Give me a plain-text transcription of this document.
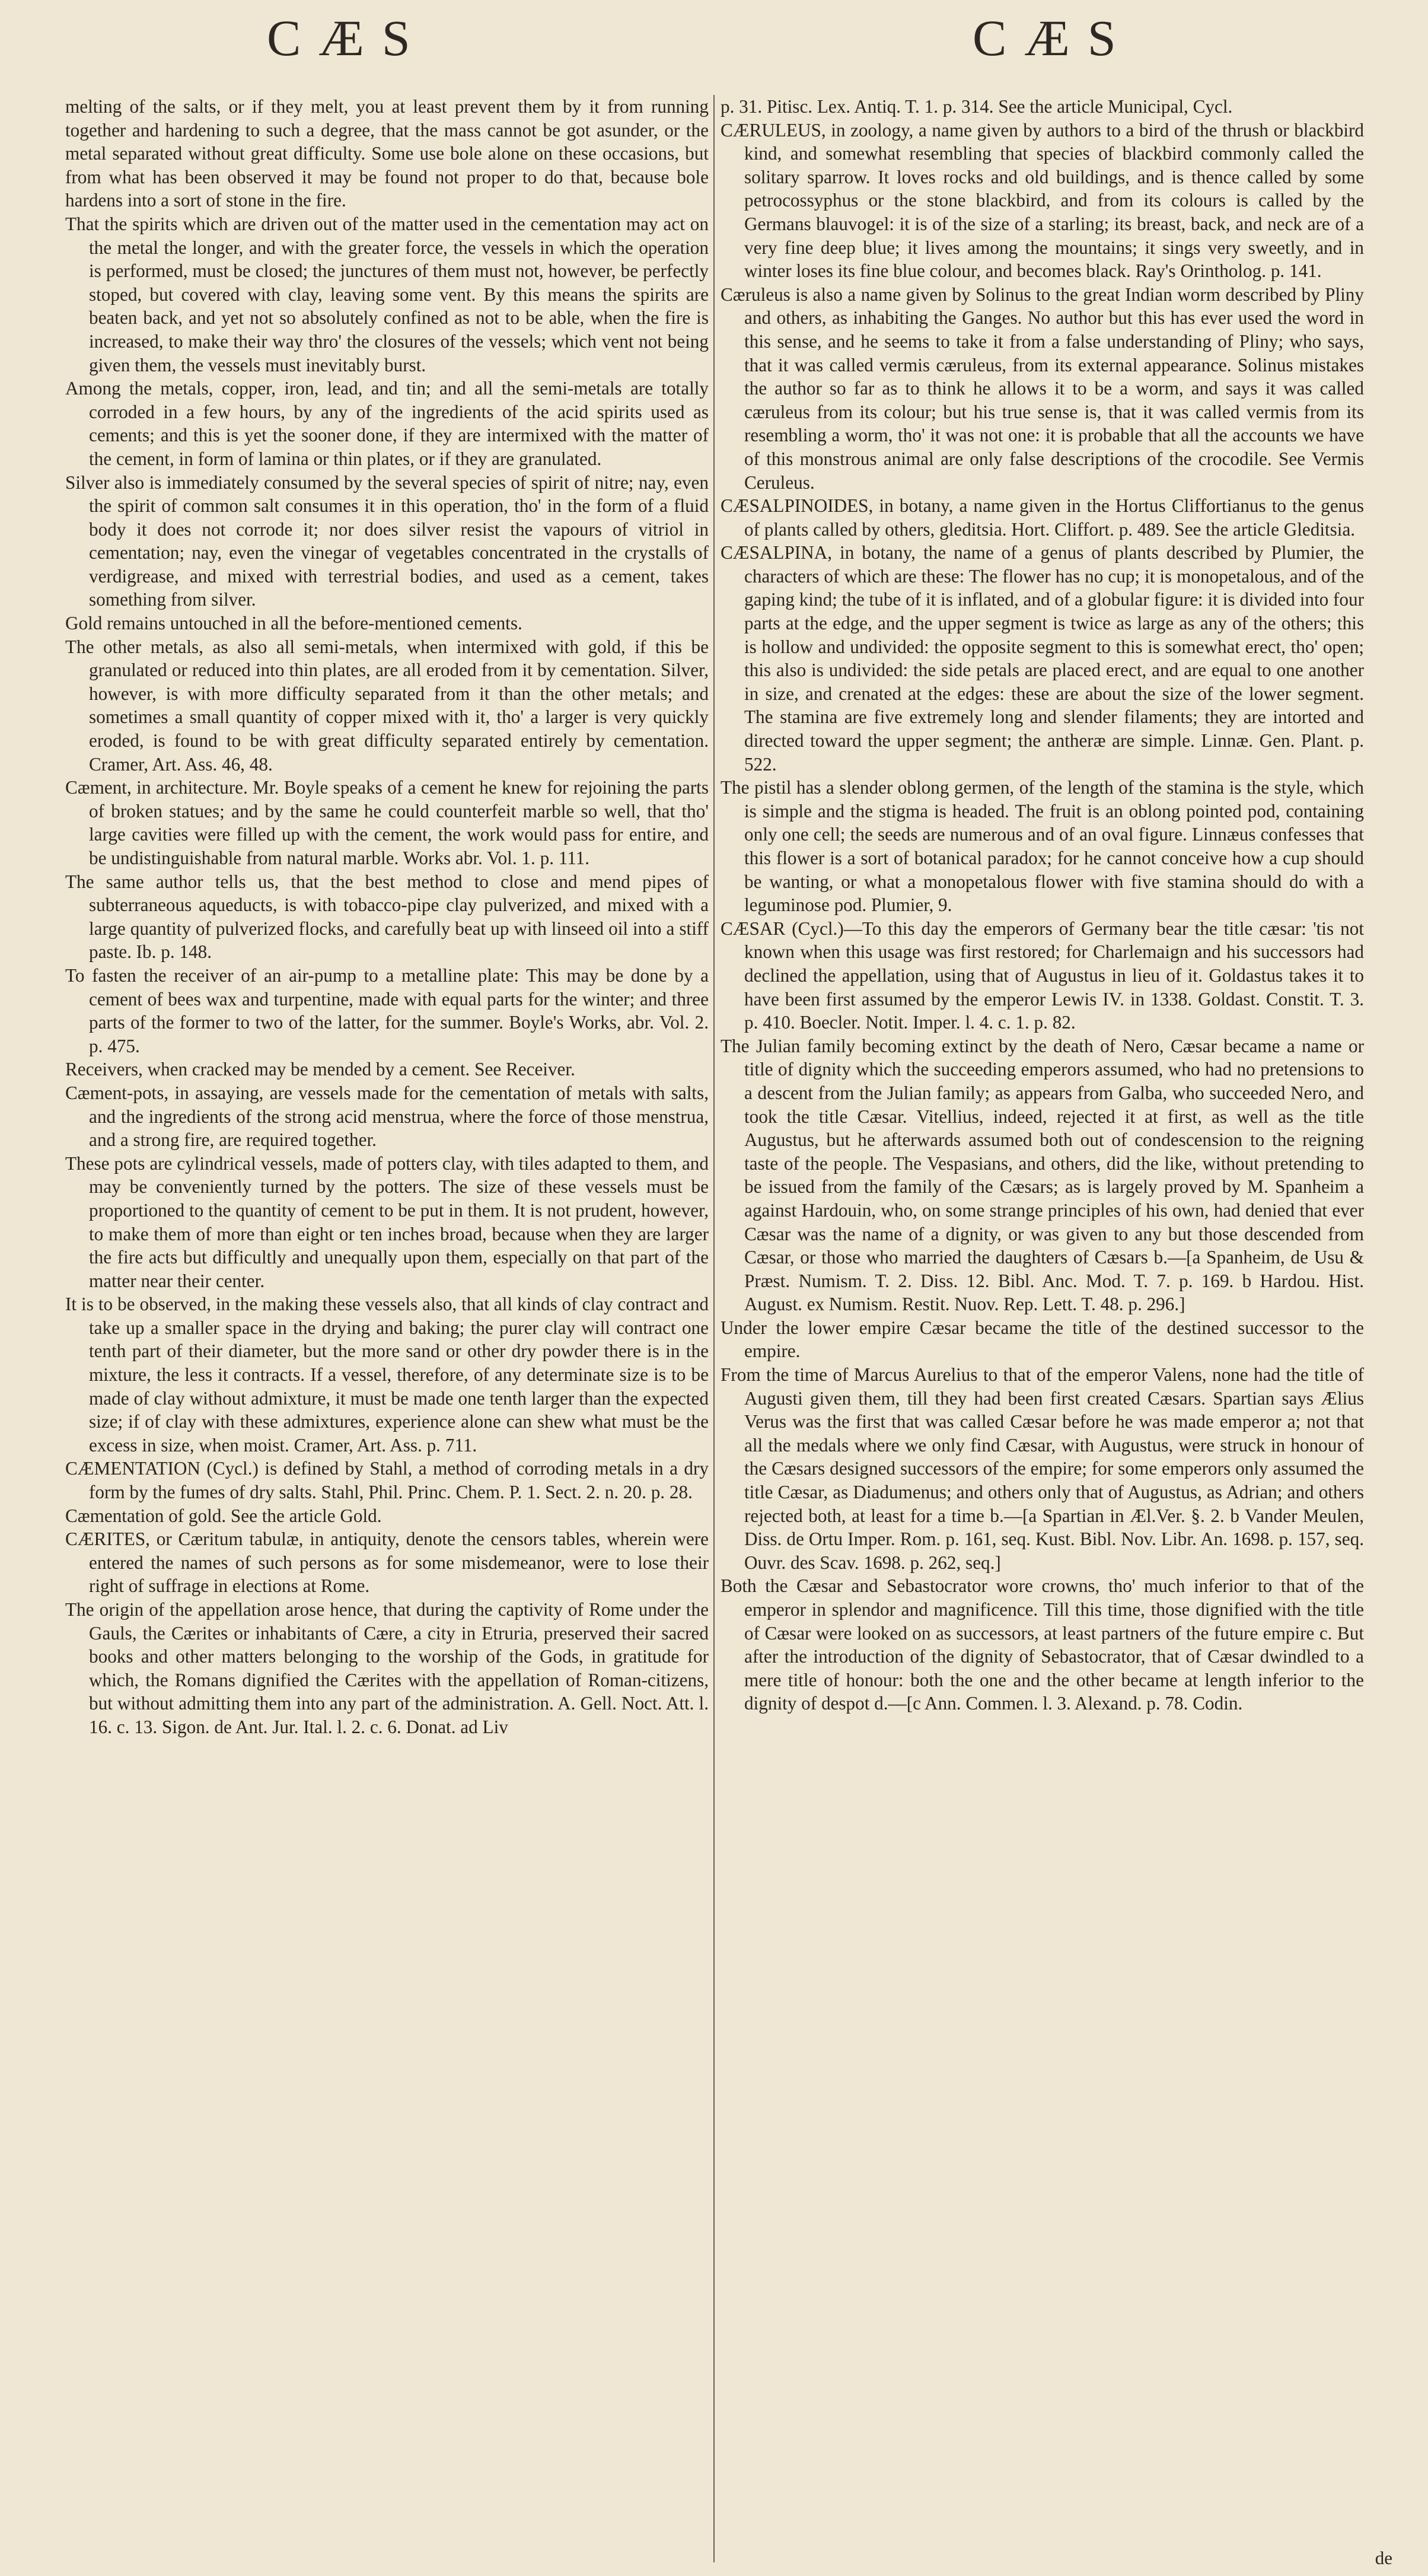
CÆS	CÆS

melting of the salts, or if they melt, you at least prevent them by it from running together and hardening to such a degree, that the mass cannot be got asunder, or the metal separated without great difficulty. Some use bole alone on these occasions, but from what has been observed it may be found not proper to do that, because bole hardens into a sort of stone in the fire.

That the spirits which are driven out of the matter used in the cementation may act on the metal the longer, and with the greater force, the vessels in which the operation is performed, must be closed; the junctures of them must not, however, be perfectly stoped, but covered with clay, leaving some vent. By this means the spirits are beaten back, and yet not so absolutely confined as not to be able, when the fire is increased, to make their way thro' the closures of the vessels; which vent not being given them, the vessels must inevitably burst.

Among the metals, copper, iron, lead, and tin; and all the semi-metals are totally corroded in a few hours, by any of the ingredients of the acid spirits used as cements; and this is yet the sooner done, if they are intermixed with the matter of the cement, in form of lamina or thin plates, or if they are granulated.

Silver also is immediately consumed by the several species of spirit of nitre; nay, even the spirit of common salt consumes it in this operation, tho' in the form of a fluid body it does not corrode it; nor does silver resist the vapours of vitriol in cementation; nay, even the vinegar of vegetables concentrated in the crystalls of verdigrease, and mixed with terrestrial bodies, and used as a cement, takes something from silver.

Gold remains untouched in all the before-mentioned cements.

The other metals, as also all semi-metals, when intermixed with gold, if this be granulated or reduced into thin plates, are all eroded from it by cementation. Silver, however, is with more difficulty separated from it than the other metals; and sometimes a small quantity of copper mixed with it, tho' a larger is very quickly eroded, is found to be with great difficulty separated entirely by cementation. Cramer, Art. Ass. 46, 48.

Cæment, in architecture. Mr. Boyle speaks of a cement he knew for rejoining the parts of broken statues; and by the same he could counterfeit marble so well, that tho' large cavities were filled up with the cement, the work would pass for entire, and be undistinguishable from natural marble. Works abr. Vol. 1. p. 111.

The same author tells us, that the best method to close and mend pipes of subterraneous aqueducts, is with tobacco-pipe clay pulverized, and mixed with a large quantity of pulverized flocks, and carefully beat up with linseed oil into a stiff paste. Ib. p. 148.

To fasten the receiver of an air-pump to a metalline plate: This may be done by a cement of bees wax and turpentine, made with equal parts for the winter; and three parts of the former to two of the latter, for the summer. Boyle's Works, abr. Vol. 2. p. 475.

Receivers, when cracked may be mended by a cement. See Receiver.

Cæment-pots, in assaying, are vessels made for the cementation of metals with salts, and the ingredients of the strong acid menstrua, where the force of those menstrua, and a strong fire, are required together.

These pots are cylindrical vessels, made of potters clay, with tiles adapted to them, and may be conveniently turned by the potters. The size of these vessels must be proportioned to the quantity of cement to be put in them. It is not prudent, however, to make them of more than eight or ten inches broad, because when they are larger the fire acts but difficultly and unequally upon them, especially on that part of the matter near their center.

It is to be observed, in the making these vessels also, that all kinds of clay contract and take up a smaller space in the drying and baking; the purer clay will contract one tenth part of their diameter, but the more sand or other dry powder there is in the mixture, the less it contracts. If a vessel, therefore, of any determinate size is to be made of clay without admixture, it must be made one tenth larger than the expected size; if of clay with these admixtures, experience alone can shew what must be the excess in size, when moist. Cramer, Art. Ass. p. 711.

CÆMENTATION (Cycl.) is defined by Stahl, a method of corroding metals in a dry form by the fumes of dry salts. Stahl, Phil. Princ. Chem. P. 1. Sect. 2. n. 20. p. 28.

Cæmentation of gold. See the article Gold.

CÆRITES, or Cæritum tabulæ, in antiquity, denote the censors tables, wherein were entered the names of such persons as for some misdemeanor, were to lose their right of suffrage in elections at Rome.

The origin of the appellation arose hence, that during the captivity of Rome under the Gauls, the Cærites or inhabitants of Cære, a city in Etruria, preserved their sacred books and other matters belonging to the worship of the Gods, in gratitude for which, the Romans dignified the Cærites with the appellation of Roman-citizens, but without admitting them into any part of the administration. A. Gell. Noct. Att. l. 16. c. 13. Sigon. de Ant. Jur. Ital. l. 2. c. 6. Donat. ad Liv

p. 31. Pitisc. Lex. Antiq. T. 1. p. 314. See the article Municipal, Cycl.

CÆRULEUS, in zoology, a name given by authors to a bird of the thrush or blackbird kind, and somewhat resembling that species of blackbird commonly called the solitary sparrow. It loves rocks and old buildings, and is thence called by some petrocossyphus or the stone blackbird, and from its colours is called by the Germans blauvogel: it is of the size of a starling; its breast, back, and neck are of a very fine deep blue; it lives among the mountains; it sings very sweetly, and in winter loses its fine blue colour, and becomes black. Ray's Orintholog. p. 141.

Cæruleus is also a name given by Solinus to the great Indian worm described by Pliny and others, as inhabiting the Ganges. No author but this has ever used the word in this sense, and he seems to take it from a false understanding of Pliny; who says, that it was called vermis cæruleus, from its external appearance. Solinus mistakes the author so far as to think he allows it to be a worm, and says it was called cæruleus from its colour; but his true sense is, that it was called vermis from its resembling a worm, tho' it was not one: it is probable that all the accounts we have of this monstrous animal are only false descriptions of the crocodile. See Vermis Ceruleus.

CÆSALPINOIDES, in botany, a name given in the Hortus Cliffortianus to the genus of plants called by others, gleditsia. Hort. Cliffort. p. 489. See the article Gleditsia.

CÆSALPINA, in botany, the name of a genus of plants described by Plumier, the characters of which are these: The flower has no cup; it is monopetalous, and of the gaping kind; the tube of it is inflated, and of a globular figure: it is divided into four parts at the edge, and the upper segment is twice as large as any of the others; this is hollow and undivided: the opposite segment to this is somewhat erect, tho' open; this also is undivided: the side petals are placed erect, and are equal to one another in size, and crenated at the edges: these are about the size of the lower segment. The stamina are five extremely long and slender filaments; they are intorted and directed toward the upper segment; the antheræ are simple. Linnæ. Gen. Plant. p. 522.

The pistil has a slender oblong germen, of the length of the stamina is the style, which is simple and the stigma is headed. The fruit is an oblong pointed pod, containing only one cell; the seeds are numerous and of an oval figure. Linnæus confesses that this flower is a sort of botanical paradox; for he cannot conceive how a cup should be wanting, or what a monopetalous flower with five stamina should do with a leguminose pod. Plumier, 9.

CÆSAR (Cycl.)—To this day the emperors of Germany bear the title cæsar: 'tis not known when this usage was first restored; for Charlemaign and his successors had declined the appellation, using that of Augustus in lieu of it. Goldastus takes it to have been first assumed by the emperor Lewis IV. in 1338. Goldast. Constit. T. 3. p. 410. Boecler. Notit. Imper. l. 4. c. 1. p. 82.

The Julian family becoming extinct by the death of Nero, Cæsar became a name or title of dignity which the succeeding emperors assumed, who had no pretensions to a descent from the Julian family; as appears from Galba, who succeeded Nero, and took the title Cæsar. Vitellius, indeed, rejected it at first, as well as the title Augustus, but he afterwards assumed both out of condescension to the reigning taste of the people. The Vespasians, and others, did the like, without pretending to be issued from the family of the Cæsars; as is largely proved by M. Spanheim a against Hardouin, who, on some strange principles of his own, had denied that ever Cæsar was the name of a dignity, or was given to any but those descended from Cæsar, or those who married the daughters of Cæsars b.—[a Spanheim, de Usu & Præst. Numism. T. 2. Diss. 12. Bibl. Anc. Mod. T. 7. p. 169. b Hardou. Hist. August. ex Numism. Restit. Nuov. Rep. Lett. T. 48. p. 296.]

Under the lower empire Cæsar became the title of the destined successor to the empire.

From the time of Marcus Aurelius to that of the emperor Valens, none had the title of Augusti given them, till they had been first created Cæsars. Spartian says Ælius Verus was the first that was called Cæsar before he was made emperor a; not that all the medals where we only find Cæsar, with Augustus, were struck in honour of the Cæsars designed successors of the empire; for some emperors only assumed the title Cæsar, as Diadumenus; and others only that of Augustus, as Adrian; and others rejected both, at least for a time b.—[a Spartian in Æl.Ver. §. 2. b Vander Meulen, Diss. de Ortu Imper. Rom. p. 161, seq. Kust. Bibl. Nov. Libr. An. 1698. p. 157, seq. Ouvr. des Scav. 1698. p. 262, seq.]

Both the Cæsar and Sebastocrator wore crowns, tho' much inferior to that of the emperor in splendor and magnificence. Till this time, those dignified with the title of Cæsar were looked on as successors, at least partners of the future empire c. But after the introduction of the dignity of Sebastocrator, that of Cæsar dwindled to a mere title of honour: both the one and the other became at length inferior to the dignity of despot d.—[c Ann. Commen. l. 3. Alexand. p. 78. Codin.

de
